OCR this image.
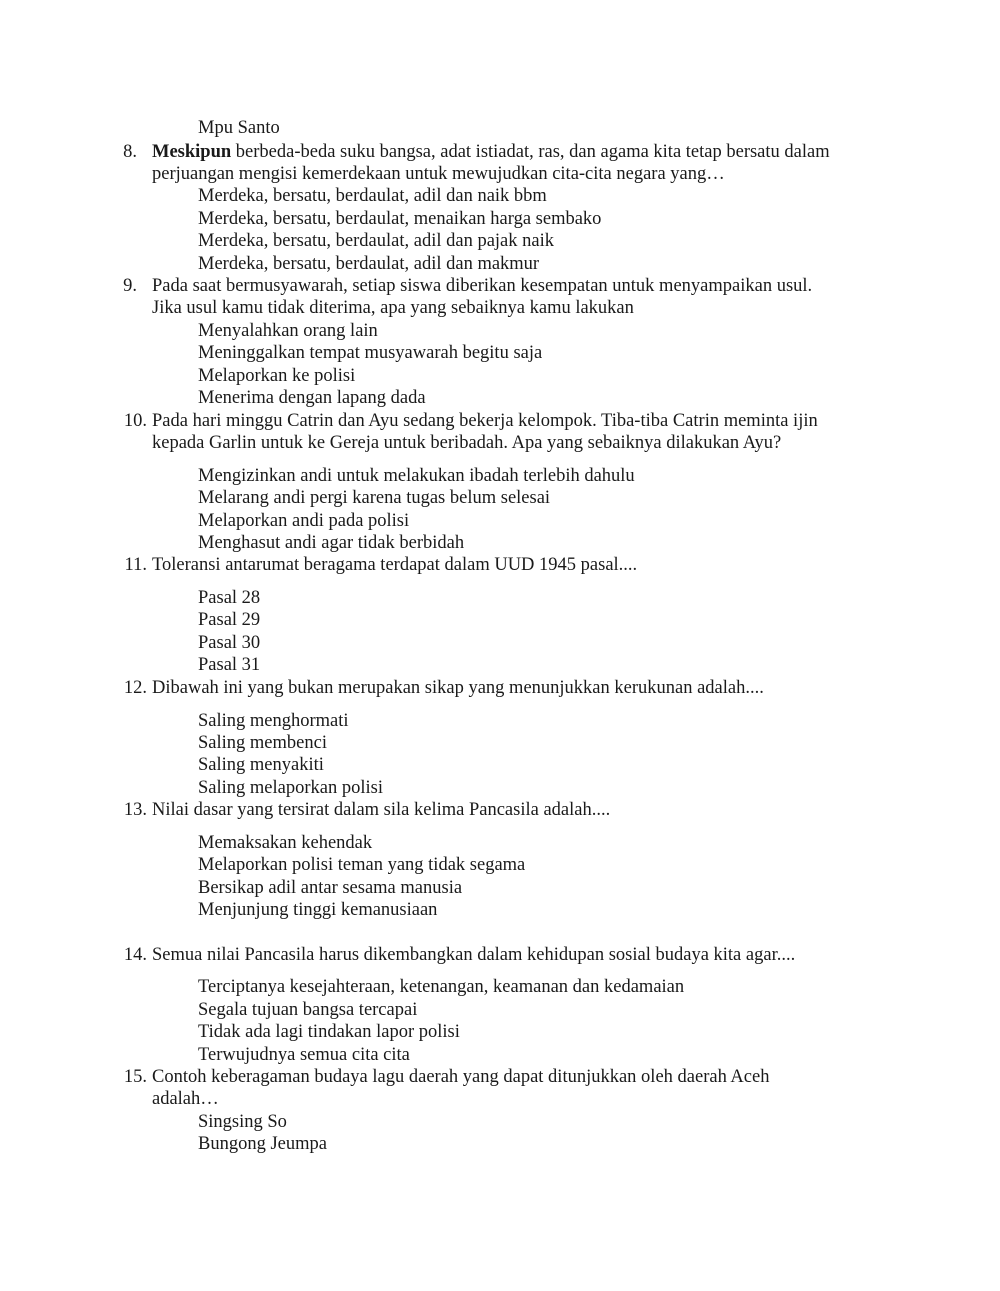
Mpu Santo
8. Meskipun berbeda-beda suku bangsa, adat istiadat, ras, dan agama kita tetap bersatu dalam
perjuangan mengisi kemerdekaan untuk mewujudkan cita-cita negara yang…
Merdeka, bersatu, berdaulat, adil dan naik bbm
Merdeka, bersatu, berdaulat, menaikan harga sembako
Merdeka, bersatu, berdaulat, adil dan pajak naik
Merdeka, bersatu, berdaulat, adil dan makmur
9. Pada saat bermusyawarah, setiap siswa diberikan kesempatan untuk menyampaikan usul.
Jika usul kamu tidak diterima, apa yang sebaiknya kamu lakukan
Menyalahkan orang lain
Meninggalkan tempat musyawarah begitu saja
Melaporkan ke polisi
Menerima dengan lapang dada
10. Pada hari minggu Catrin dan Ayu sedang bekerja kelompok. Tiba-tiba Catrin meminta ijin
kepada Garlin untuk ke Gereja untuk beribadah. Apa yang sebaiknya dilakukan Ayu?
Mengizinkan andi untuk melakukan ibadah terlebih dahulu
Melarang andi pergi karena tugas belum selesai
Melaporkan andi pada polisi
Menghasut andi agar tidak berbidah
11. Toleransi antarumat beragama terdapat dalam UUD 1945 pasal....
Pasal 28
Pasal 29
Pasal 30
Pasal 31
12. Dibawah ini yang bukan merupakan sikap yang menunjukkan kerukunan adalah....
Saling menghormati
Saling membenci
Saling menyakiti
Saling melaporkan polisi
13. Nilai dasar yang tersirat dalam sila kelima Pancasila adalah....
Memaksakan kehendak
Melaporkan polisi teman yang tidak segama
Bersikap adil antar sesama manusia
Menjunjung tinggi kemanusiaan
14. Semua nilai Pancasila harus dikembangkan dalam kehidupan sosial budaya kita agar....
Terciptanya kesejahteraan, ketenangan, keamanan dan kedamaian
Segala tujuan bangsa tercapai
Tidak ada lagi tindakan lapor polisi
Terwujudnya semua cita cita
15. Contoh keberagaman budaya lagu daerah yang dapat ditunjukkan oleh daerah Aceh
adalah…
Singsing So
Bungong Jeumpa
